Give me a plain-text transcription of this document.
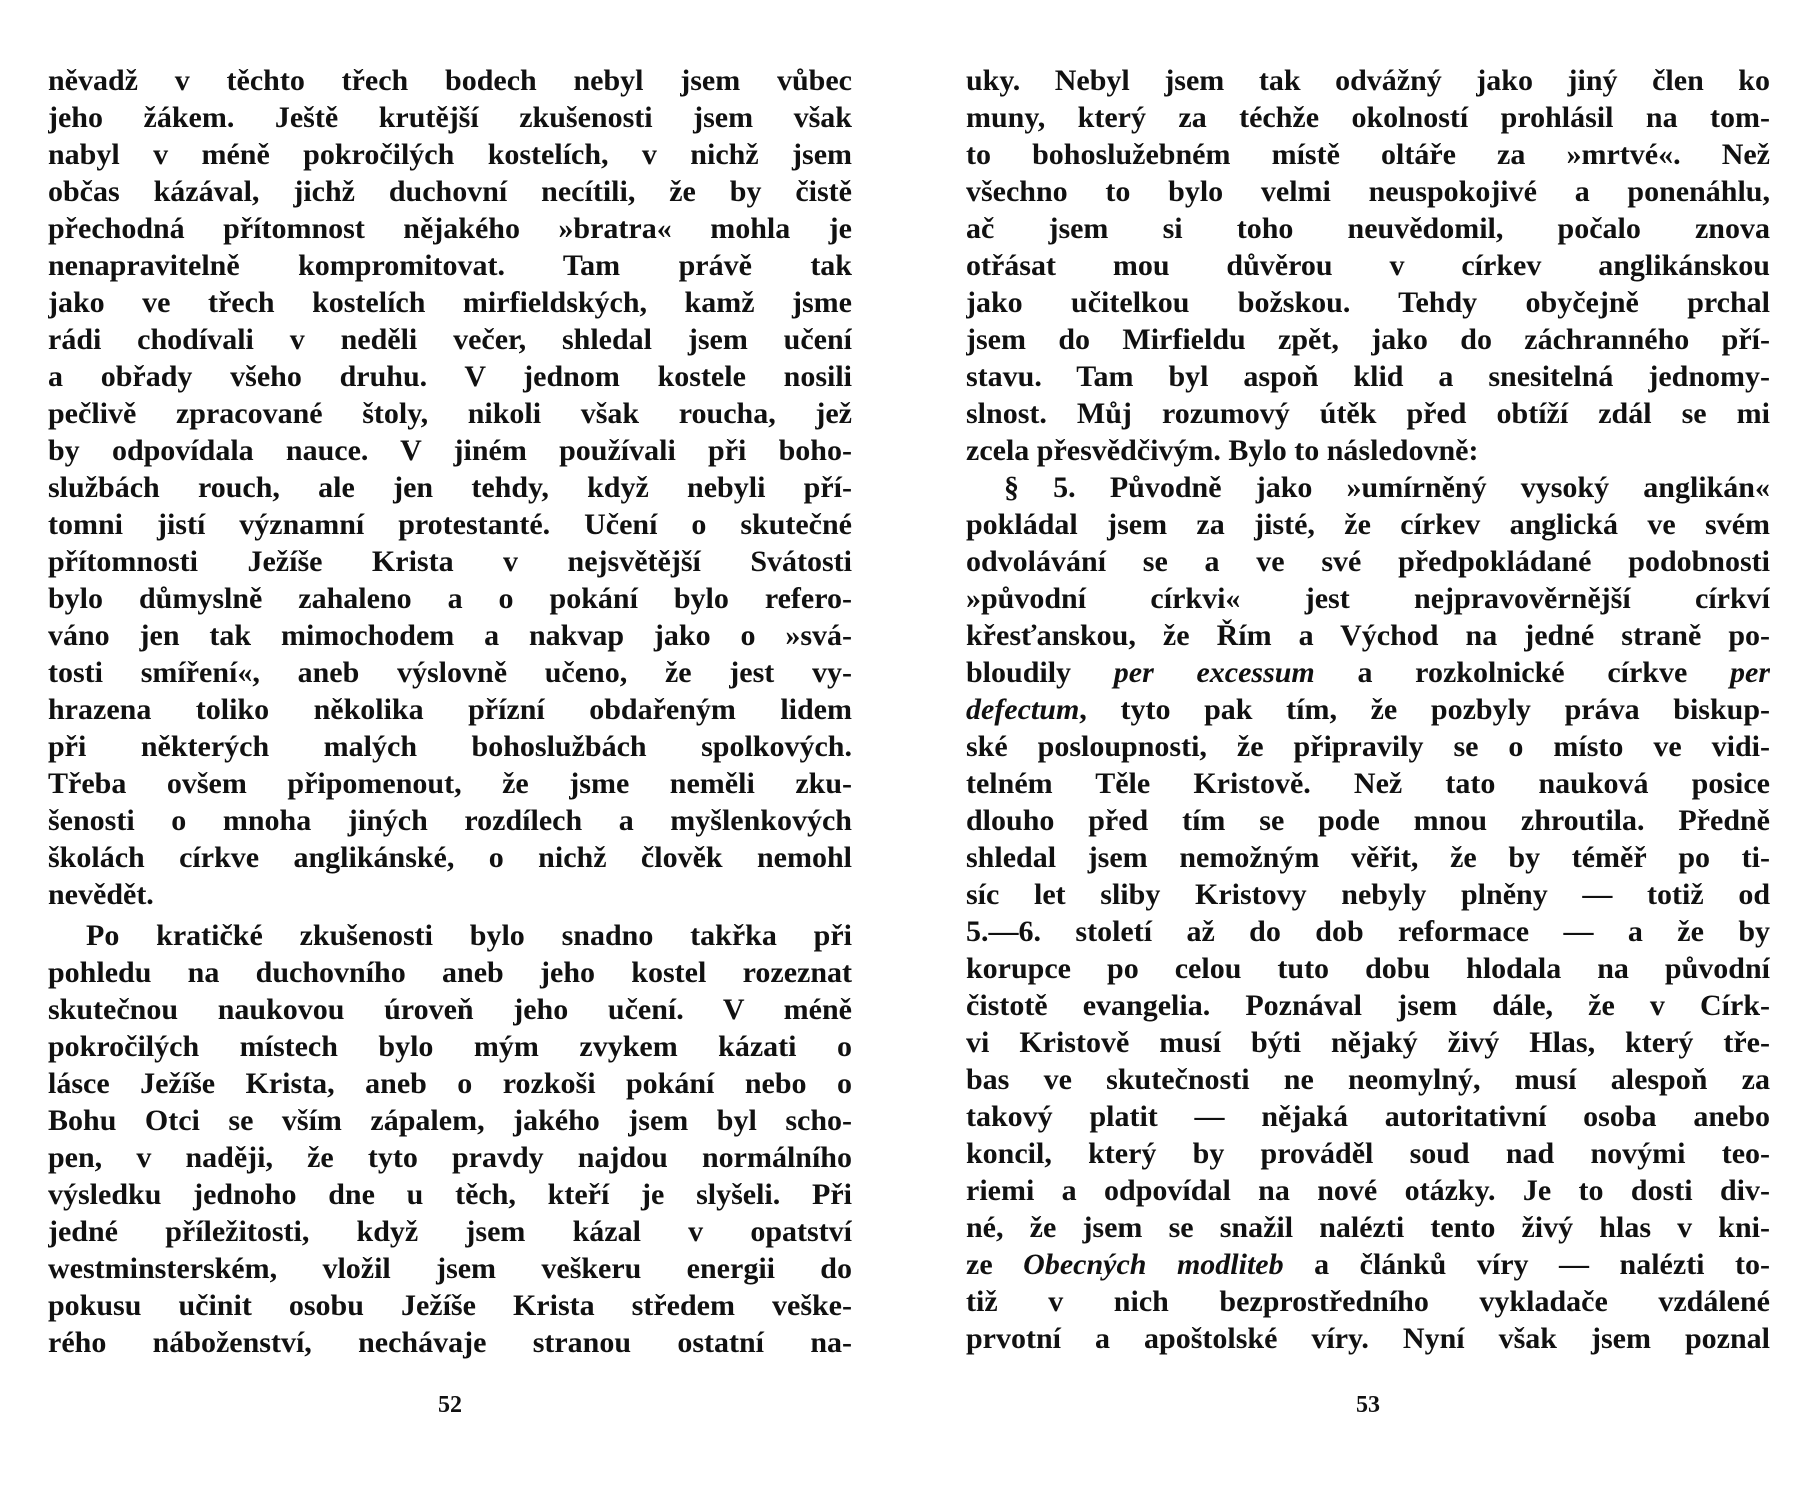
něvadž v těchto třech bodech nebyl jsem vůbec
jeho žákem. Ještě krutější zkušenosti jsem však
nabyl v méně pokročilých kostelích, v nichž jsem
občas kázával, jichž duchovní necítili, že by čistě
přechodná přítomnost nějakého »bratra« mohla je
nenapravitelně kompromitovat. Tam právě tak
jako ve třech kostelích mirfieldských, kamž jsme
rádi chodívali v neděli večer, shledal jsem učení
a obřady všeho druhu. V jednom kostele nosili
pečlivě zpracované štoly, nikoli však roucha, jež
by odpovídala nauce. V jiném používali při boho-
službách rouch, ale jen tehdy, když nebyli pří-
tomni jistí významní protestanté. Učení o skutečné
přítomnosti Ježíše Krista v nejsvětější Svátosti
bylo důmyslně zahaleno a o pokání bylo refero-
váno jen tak mimochodem a nakvap jako o »svá-
tosti smíření«, aneb výslovně učeno, že jest vy-
hrazena toliko několika přízní obdařeným lidem
při některých malých bohoslužbách spolkových.
Třeba ovšem připomenout, že jsme neměli zku-
šenosti o mnoha jiných rozdílech a myšlenkových
školách církve anglikánské, o nichž člověk nemohl
nevědět.
Po kratičké zkušenosti bylo snadno takřka při
pohledu na duchovního aneb jeho kostel rozeznat
skutečnou naukovou úroveň jeho učení. V méně
pokročilých místech bylo mým zvykem kázati o
lásce Ježíše Krista, aneb o rozkoši pokání nebo o
Bohu Otci se vším zápalem, jakého jsem byl scho-
pen, v naději, že tyto pravdy najdou normálního
výsledku jednoho dne u těch, kteří je slyšeli. Při
jedné příležitosti, když jsem kázal v opatství
westminsterském, vložil jsem veškeru energii do
pokusu učinit osobu Ježíše Krista středem veške-
rého náboženství, nechávaje stranou ostatní na-
uky. Nebyl jsem tak odvážný jako jiný člen ko
muny, který za téchže okolností prohlásil na tom-
to bohoslužebném místě oltáře za »mrtvé«. Než
všechno to bylo velmi neuspokojivé a ponenáhlu,
ač jsem si toho neuvědomil, počalo znova
otřásat mou důvěrou v církev anglikánskou
jako učitelkou božskou. Tehdy obyčejně prchal
jsem do Mirfieldu zpět, jako do záchranného pří-
stavu. Tam byl aspoň klid a snesitelná jednomy-
slnost. Můj rozumový útěk před obtíží zdál se mi
zcela přesvědčivým. Bylo to následovně:
§ 5. Původně jako »umírněný vysoký anglikán«
pokládal jsem za jisté, že církev anglická ve svém
odvolávání se a ve své předpokládané podobnosti
»původní církvi« jest nejpravověrnější církví
křesťanskou, že Řím a Východ na jedné straně po-
bloudily per excessum a rozkolnické církve per
defectum, tyto pak tím, že pozbyly práva biskup-
ské posloupnosti, že připravily se o místo ve vidi-
telném Těle Kristově. Než tato nauková posice
dlouho před tím se pode mnou zhroutila. Předně
shledal jsem nemožným věřit, že by téměř po ti-
síc let sliby Kristovy nebyly plněny — totiž od
5.—6. století až do dob reformace — a že by
korupce po celou tuto dobu hlodala na původní
čistotě evangelia. Poznával jsem dále, že v Círk-
vi Kristově musí býti nějaký živý Hlas, který tře-
bas ve skutečnosti ne neomylný, musí alespoň za
takový platit — nějaká autoritativní osoba anebo
koncil, který by prováděl soud nad novými teo-
riemi a odpovídal na nové otázky. Je to dosti div-
né, že jsem se snažil nalézti tento živý hlas v kni-
ze Obecných modliteb a článků víry — nalézti to-
tiž v nich bezprostředního vykladače vzdálené
prvotní a apoštolské víry. Nyní však jsem poznal
52	53
